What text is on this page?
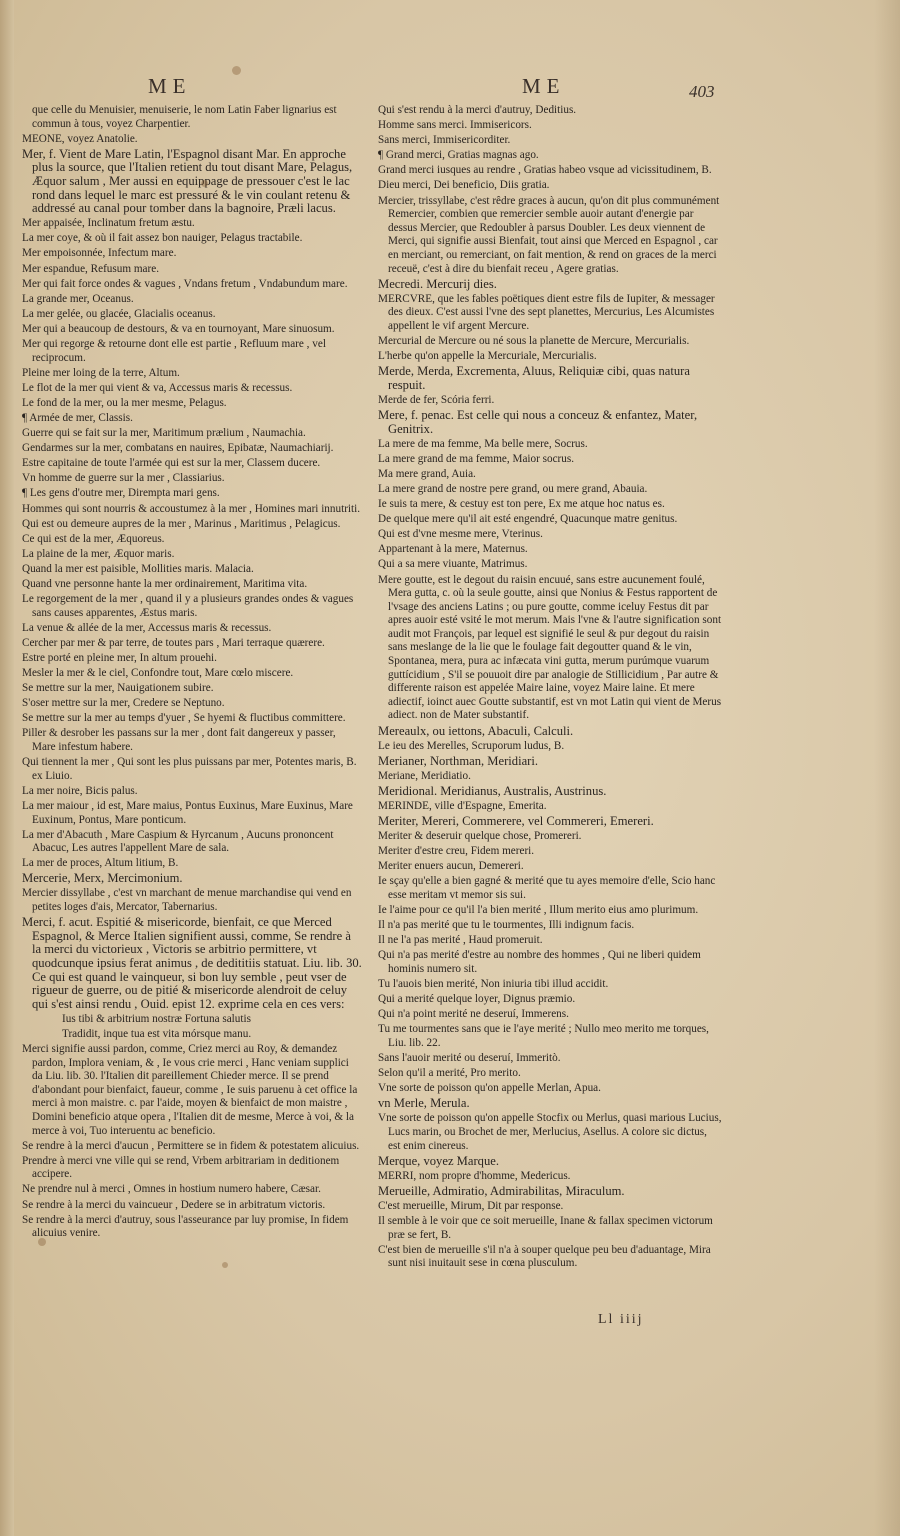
ME	ME	403
que celle du Menuisier, menuiserie, le nom Latin Faber lignarius est commun à tous, voyez Charpentier.
MEONE, voyez Anatolie.
Mer, f. Vient de Mare Latin, l'Espagnol disant Mar. En approche plus la source, que l'Italien retient du tout disant Mare, Pelagus, Æquor salum , Mer aussi en equippage de pressouer c'est le lac rond dans lequel le marc est pressuré & le vin coulant retenu & addressé au canal pour tomber dans la bagnoire, Præli lacus.
Mer appaisée, Inclinatum fretum æstu.
La mer coye, & où il fait assez bon nauiger, Pelagus tractabile.
Mer empoisonnée, Infectum mare.
Mer espandue, Refusum mare.
Mer qui fait force ondes & vagues , Vndans fretum , Vndabundum mare.
La grande mer, Oceanus.
La mer gelée, ou glacée, Glacialis oceanus.
Mer qui a beaucoup de destours, & va en tournoyant, Mare sinuosum.
Mer qui regorge & retourne dont elle est partie , Refluum mare , vel reciprocum.
Pleine mer loing de la terre, Altum.
Le flot de la mer qui vient & va, Accessus maris & recessus.
Le fond de la mer, ou la mer mesme, Pelagus.
¶ Armée de mer, Classis.
Guerre qui se fait sur la mer, Maritimum prælium , Naumachia.
Gendarmes sur la mer, combatans en nauires, Epibatæ, Naumachiarij.
Estre capitaine de toute l'armée qui est sur la mer, Classem ducere.
Vn homme de guerre sur la mer , Classiarius.
¶ Les gens d'outre mer, Dirempta mari gens.
Hommes qui sont nourris & accoustumez à la mer , Homines mari innutriti.
Qui est ou demeure aupres de la mer , Marinus , Maritimus , Pelagicus.
Ce qui est de la mer, Æquoreus.
La plaine de la mer, Æquor maris.
Quand la mer est paisible, Mollities maris. Malacia.
Quand vne personne hante la mer ordinairement, Maritima vita.
Le regorgement de la mer , quand il y a plusieurs grandes ondes & vagues sans causes apparentes, Æstus maris.
La venue & allée de la mer, Accessus maris & recessus.
Cercher par mer & par terre, de toutes pars , Mari terraque quærere.
Estre porté en pleine mer, In altum prouehi.
Mesler la mer & le ciel, Confondre tout, Mare cœlo miscere.
Se mettre sur la mer, Nauigationem subire.
S'oser mettre sur la mer, Credere se Neptuno.
Se mettre sur la mer au temps d'yuer , Se hyemi & fluctibus committere.
Piller & desrober les passans sur la mer , dont fait dangereux y passer, Mare infestum habere.
Qui tiennent la mer , Qui sont les plus puissans par mer, Potentes maris, B. ex Liuio.
La mer noire, Bicis palus.
La mer maiour , id est, Mare maius, Pontus Euxinus, Mare Euxinus, Mare Euxinum, Pontus, Mare ponticum.
La mer d'Abacuth , Mare Caspium & Hyrcanum , Aucuns prononcent Abacuc, Les autres l'appellent Mare de sala.
La mer de proces, Altum litium, B.
Mercerie, Merx, Mercimonium.
Mercier dissyllabe , c'est vn marchant de menue marchandise qui vend en petites loges d'ais, Mercator, Tabernarius.
Merci, f. acut. Espitié & misericorde, bienfait, ce que Merced Espagnol, & Merce Italien signifient aussi, comme, Se rendre à la merci du victorieux , Victoris se arbitrio permittere, vt quodcunque ipsius ferat animus , de dedititiis statuat. Liu. lib. 30. Ce qui est quand le vainqueur, si bon luy semble , peut vser de rigueur de guerre, ou de pitié & misericorde alendroit de celuy qui s'est ainsi rendu , Ouid. epist 12. exprime cela en ces vers:
Ius tibi & arbitrium nostræ Fortuna salutis
Tradidit, inque tua est vita mórsque manu.
Merci signifie aussi pardon, comme, Criez merci au Roy, & demandez pardon, Implora veniam, & , Ie vous crie merci , Hanc veniam supplici da Liu. lib. 30. l'Italien dit pareillement Chieder merce. Il se prend d'abondant pour bienfaict, faueur, comme , Ie suis paruenu à cet office la merci à mon maistre. c. par l'aide, moyen & bienfaict de mon maistre , Domini beneficio atque opera , l'Italien dit de mesme, Merce à voi, & la merce à voi, Tuo interuentu ac beneficio.
Se rendre à la merci d'aucun , Permittere se in fidem & potestatem alicuius.
Prendre à merci vne ville qui se rend, Vrbem arbitrariam in deditionem accipere.
Ne prendre nul à merci , Omnes in hostium numero habere, Cæsar.
Se rendre à la merci du vaincueur , Dedere se in arbitratum victoris.
Se rendre à la merci d'autruy, sous l'asseurance par luy promise, In fidem alicuius venire.
Qui s'est rendu à la merci d'autruy, Deditius.
Homme sans merci. Immisericors.
Sans merci, Immisericorditer.
¶ Grand merci, Gratias magnas ago.
Grand merci iusques au rendre , Gratias habeo vsque ad vicissitudinem, B.
Dieu merci, Dei beneficio, Diis gratia.
Mercier, trissyllabe, c'est rêdre graces à aucun, qu'on dit plus communément Remercier, combien que remercier semble auoir autant d'energie par dessus Mercier, que Redoubler à parsus Doubler. Les deux viennent de Merci, qui signifie aussi Bienfait, tout ainsi que Merced en Espagnol , car en merciant, ou remerciant, on fait mention, & rend on graces de la merci receuë, c'est à dire du bienfait receu , Agere gratias.
Mecredi. Mercurij dies.
MERCVRE, que les fables poëtiques dient estre fils de Iupiter, & messager des dieux. C'est aussi l'vne des sept planettes, Mercurius, Les Alcumistes appellent le vif argent Mercure.
Mercurial de Mercure ou né sous la planette de Mercure, Mercurialis.
L'herbe qu'on appelle la Mercuriale, Mercurialis.
Merde, Merda, Excrementa, Aluus, Reliquiæ cibi, quas natura respuit.
Merde de fer, Scória ferri.
Mere, f. penac. Est celle qui nous a conceuz & enfantez, Mater, Genitrix.
La mere de ma femme, Ma belle mere, Socrus.
La mere grand de ma femme, Maior socrus.
Ma mere grand, Auia.
La mere grand de nostre pere grand, ou mere grand, Abauia.
Ie suis ta mere, & cestuy est ton pere, Ex me atque hoc natus es.
De quelque mere qu'il ait esté engendré, Quacunque matre genitus.
Qui est d'vne mesme mere, Vterinus.
Appartenant à la mere, Maternus.
Qui a sa mere viuante, Matrimus.
Mere goutte, est le degout du raisin encuué, sans estre aucunement foulé, Mera gutta, c. où la seule goutte, ainsi que Nonius & Festus rapportent de l'vsage des anciens Latins ; ou pure goutte, comme iceluy Festus dit par apres auoir esté vsité le mot merum. Mais l'vne & l'autre signification sont audit mot François, par lequel est signifié le seul & pur degout du raisin sans meslange de la lie que le foulage fait degoutter quand & le vin, Spontanea, mera, pura ac infæcata vini gutta, merum purúmque vuarum guttícidium , S'il se pouuoit dire par analogie de Stillicidium , Par autre & differente raison est appelée Maire laine, voyez Maire laine. Et mere adiectif, ioinct auec Goutte substantif, est vn mot Latin qui vient de Merus adiect. non de Mater substantif.
Mereaulx, ou iettons, Abaculi, Calculi.
Le ieu des Merelles, Scruporum ludus, B.
Merianer, Northman, Meridiari.
Meriane, Meridiatio.
Meridional. Meridianus, Australis, Austrinus.
MERINDE, ville d'Espagne, Emerita.
Meriter, Mereri, Commerere, vel Commereri, Emereri.
Meriter & deseruir quelque chose, Promereri.
Meriter d'estre creu, Fidem mereri.
Meriter enuers aucun, Demereri.
Ie sçay qu'elle a bien gagné & merité que tu ayes memoire d'elle, Scio hanc esse meritam vt memor sis sui.
Ie l'aime pour ce qu'il l'a bien merité , Illum merito eius amo plurimum.
Il n'a pas merité que tu le tourmentes, Illi indignum facis.
Il ne l'a pas merité , Haud promeruit.
Qui n'a pas merité d'estre au nombre des hommes , Qui ne liberi quidem hominis numero sit.
Tu l'auois bien merité, Non iniuria tibi illud accidit.
Qui a merité quelque loyer, Dignus præmio.
Qui n'a point merité ne deseruí, Immerens.
Tu me tourmentes sans que ie l'aye merité ; Nullo meo merito me torques, Liu. lib. 22.
Sans l'auoir merité ou deseruí, Immeritò.
Selon qu'il a merité, Pro merito.
Vne sorte de poisson qu'on appelle Merlan, Apua.
vn Merle, Merula.
Vne sorte de poisson qu'on appelle Stocfix ou Merlus, quasi marious Lucius, Lucs marin, ou Brochet de mer, Merlucius, Asellus. A colore sic dictus, est enim cinereus.
Merque, voyez Marque.
MERRI, nom propre d'homme, Medericus.
Merueille, Admiratio, Admirabilitas, Miraculum.
C'est merueille, Mirum, Dit par response.
Il semble à le voir que ce soit merueille, Inane & fallax specimen victorum præ se fert, B.
C'est bien de merueille s'il n'a à souper quelque peu beu d'aduantage, Mira sunt nisi inuitauit sese in cœna plusculum.
Ll iiij
